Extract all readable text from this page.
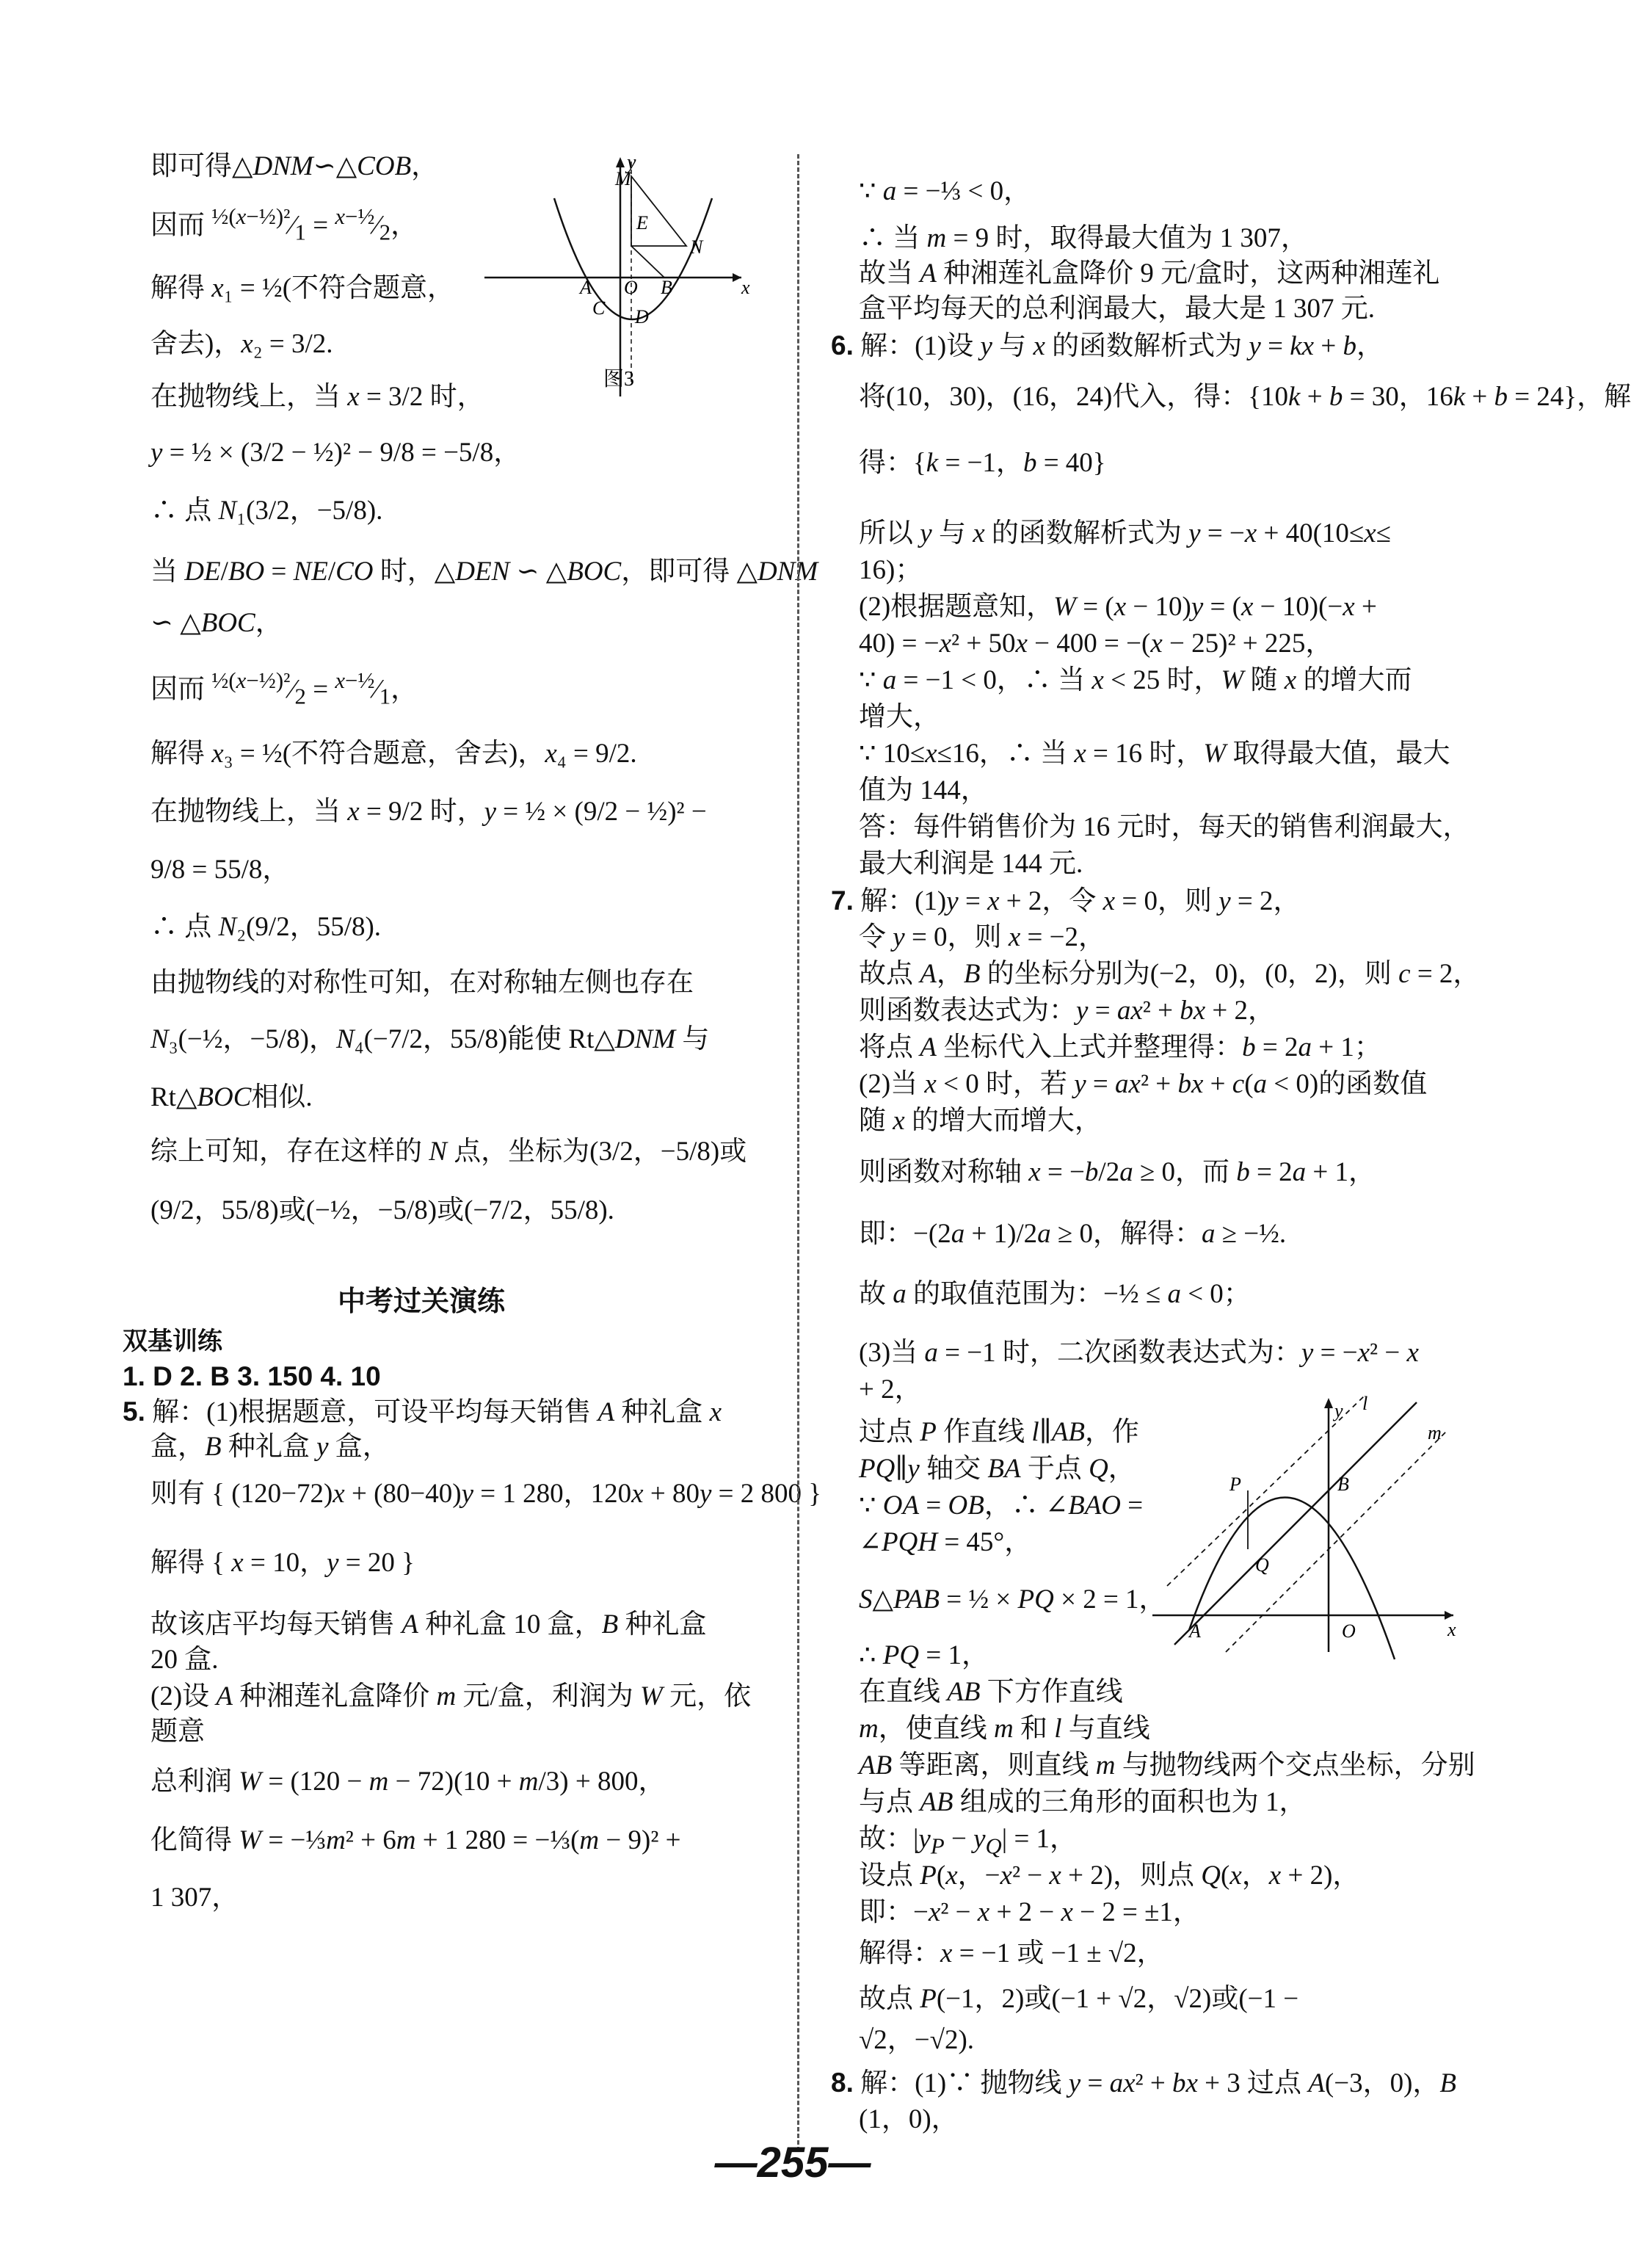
即可得△DNM∽△COB，
因而 $^{\frac{1}{2}(x-\frac{1}{2})^2}⁄_1$ = $^{x-\frac{1}{2}}⁄_2$，
解得 x₁ = ½(不符合题意，
舍去)，x₂ = 3/2.
在抛物线上，当 x = 3/2 时，
y = ½ × (3/2 − ½)² − 9/8 = −5/8，
∴ 点 N₁(3/2，−5/8).
当 DE/BO = NE/CO 时，△DEN ∽ △BOC，即可得 △DNM
∽ △BOC，
因而 $^{\frac{1}{2}(x-\frac{1}{2})^2}⁄_2$ = $^{x-\frac{1}{2}}⁄_1$，
解得 x₃ = ½(不符合题意，舍去)，x₄ = 9/2.
在抛物线上，当 x = 9/2 时，y = ½ × (9/2 − ½)² −
9/8 = 55/8，
∴ 点 N₂(9/2，55/8).
由抛物线的对称性可知，在对称轴左侧也存在
N₃(−½，−5/8)，N₄(−7/2，55/8)能使 Rt△DNM 与
Rt△BOC相似.
综上可知，存在这样的 N 点，坐标为(3/2，−5/8)或
(9/2，55/8)或(−½，−5/8)或(−7/2，55/8).
中考过关演练
双基训练
1. D 2. B 3. 150 4. 10
5. 解：(1)根据题意，可设平均每天销售 A 种礼盒 x
盒，B 种礼盒 y 盒，
则有 { (120−72)x + (80−40)y = 1 280，120x + 80y = 2 800 }
解得 { x = 10，y = 20 }
故该店平均每天销售 A 种礼盒 10 盒，B 种礼盒
20 盒.
(2)设 A 种湘莲礼盒降价 m 元/盒，利润为 W 元，依
题意
总利润 W = (120 − m − 72)(10 + m/3) + 800，
化简得 W = −⅓m² + 6m + 1 280 = −⅓(m − 9)² +
1 307，
y
M
E
N
A O B	x
C D
图3
∵ a = −⅓ < 0，
∴ 当 m = 9 时，取得最大值为 1 307，
故当 A 种湘莲礼盒降价 9 元/盒时，这两种湘莲礼
盒平均每天的总利润最大，最大是 1 307 元.
6. 解：(1)设 y 与 x 的函数解析式为 y = kx + b，
将(10，30)，(16，24)代入，得：{10k + b = 30，16k + b = 24}，解
得：{k = −1，b = 40}
所以 y 与 x 的函数解析式为 y = −x + 40(10≤x≤
16)；
(2)根据题意知，W = (x − 10)y = (x − 10)(−x +
40) = −x² + 50x − 400 = −(x − 25)² + 225，
∵ a = −1 < 0，∴ 当 x < 25 时，W 随 x 的增大而
增大，
∵ 10≤x≤16，∴ 当 x = 16 时，W 取得最大值，最大
值为 144，
答：每件销售价为 16 元时，每天的销售利润最大，
最大利润是 144 元.
7. 解：(1)y = x + 2，令 x = 0，则 y = 2，
令 y = 0，则 x = −2，
故点 A，B 的坐标分别为(−2，0)，(0，2)，则 c = 2，
则函数表达式为：y = ax² + bx + 2，
将点 A 坐标代入上式并整理得：b = 2a + 1；
(2)当 x < 0 时，若 y = ax² + bx + c(a < 0)的函数值
随 x 的增大而增大，
则函数对称轴 x = −b/2a ≥ 0，而 b = 2a + 1，
即：−(2a + 1)/2a ≥ 0，解得：a ≥ −½.
故 a 的取值范围为：−½ ≤ a < 0；
(3)当 a = −1 时，二次函数表达式为：y = −x² − x
+ 2，
过点 P 作直线 l∥AB，作
PQ∥y 轴交 BA 于点 Q，
∵ OA = OB，∴ ∠BAO =
∠PQH = 45°，
S△PAB = ½ × PQ × 2 = 1，
∴ PQ = 1，
在直线 AB 下方作直线
m，使直线 m 和 l 与直线
AB 等距离，则直线 m 与抛物线两个交点坐标，分别
与点 AB 组成的三角形的面积也为 1，
故：$|y_P - y_Q| = 1$，
设点 P(x，−x² − x + 2)，则点 Q(x，x + 2)，
即：−x² − x + 2 − x − 2 = ±1，
解得：x = −1 或 −1 ± √2，
故点 P(−1，2)或(−1 + √2，√2)或(−1 −
√2，−√2).
8. 解：(1)∵ 抛物线 y = ax² + bx + 3 过点 A(−3，0)，B
(1，0)，
l
y
m
P	B
Q
A	O	x
—255—
